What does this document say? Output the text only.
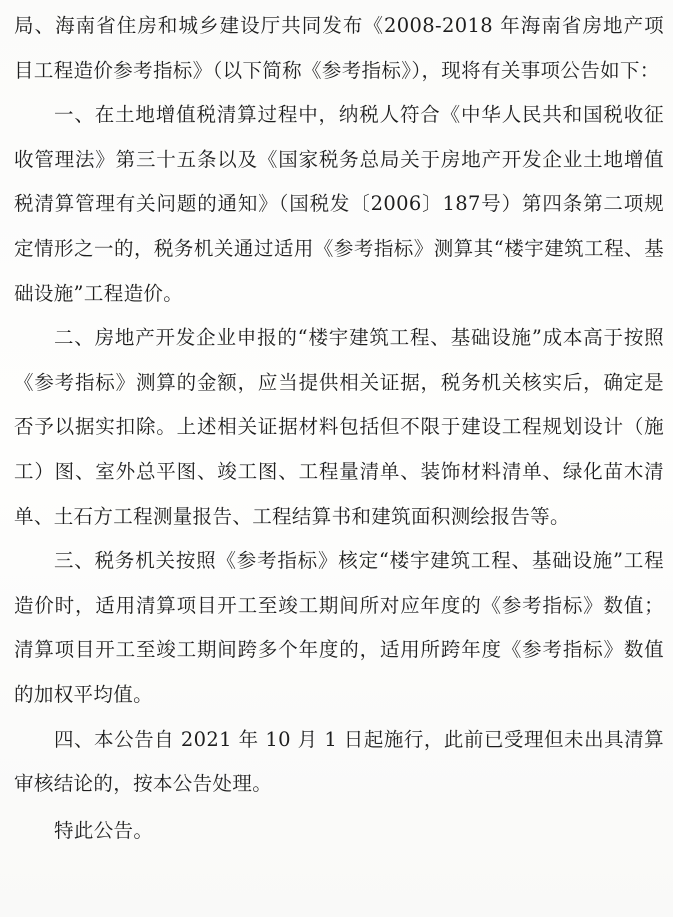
局、海南省住房和城乡建设厅共同发布《2008-2018 年海南省房地产项目工程造价参考指标》（以下简称《参考指标》），现将有关事项公告如下：

一、在土地增值税清算过程中，纳税人符合《中华人民共和国税收征收管理法》第三十五条以及《国家税务总局关于房地产开发企业土地增值税清算管理有关问题的通知》（国税发〔2006〕187号）第四条第二项规定情形之一的，税务机关通过适用《参考指标》测算其“楼宇建筑工程、基础设施”工程造价。

二、房地产开发企业申报的“楼宇建筑工程、基础设施”成本高于按照《参考指标》测算的金额，应当提供相关证据，税务机关核实后，确定是否予以据实扣除。上述相关证据材料包括但不限于建设工程规划设计（施工）图、室外总平图、竣工图、工程量清单、装饰材料清单、绿化苗木清单、土石方工程测量报告、工程结算书和建筑面积测绘报告等。

三、税务机关按照《参考指标》核定“楼宇建筑工程、基础设施”工程造价时，适用清算项目开工至竣工期间所对应年度的《参考指标》数值；清算项目开工至竣工期间跨多个年度的，适用所跨年度《参考指标》数值的加权平均值。

四、本公告自 2021 年 10 月 1 日起施行，此前已受理但未出具清算审核结论的，按本公告处理。

特此公告。
